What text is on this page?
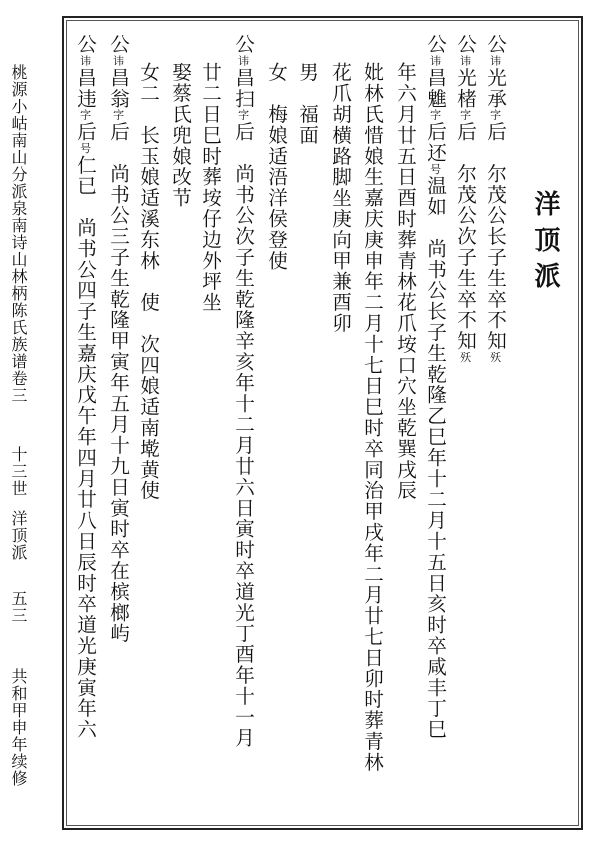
桃源小岵南山分派泉南诗山林柄陈氏族谱
卷三
十三世
洋顶派
五三
共和甲申年续修
洋顶派
公讳光承字后　尔茂公长子生卒不知殀
公讳光楮字后　尔茂公次子生卒不知殀
公讳昌魋字后还号温如　尚书公长子生乾隆乙巳年十二月十五日亥时卒咸丰丁巳
年六月廿五日酉时葬青林花爪垵口穴坐乾巽戌辰
妣林氏惜娘生嘉庆庚申年二月十七日巳时卒同治甲戌年二月廿七日卯时葬青林
花爪胡横路脚坐庚向甲兼酉卯
男　福面
女　梅娘适浯洋侯登使
公讳昌扫字后　尚书公次子生乾隆辛亥年十二月廿六日寅时卒道光丁酉年十一月
廿二日巳时葬垵仔边外坪坐
娶蔡氏兜娘改节
女二　长玉娘适溪东林　使　次四娘适南墘黄使
公讳昌翁字后　尚书公三子生乾隆甲寅年五月十九日寅时卒在槟榔屿
公讳昌违字后号仁已　尚书公四子生嘉庆戊午年四月廿八日辰时卒道光庚寅年六
